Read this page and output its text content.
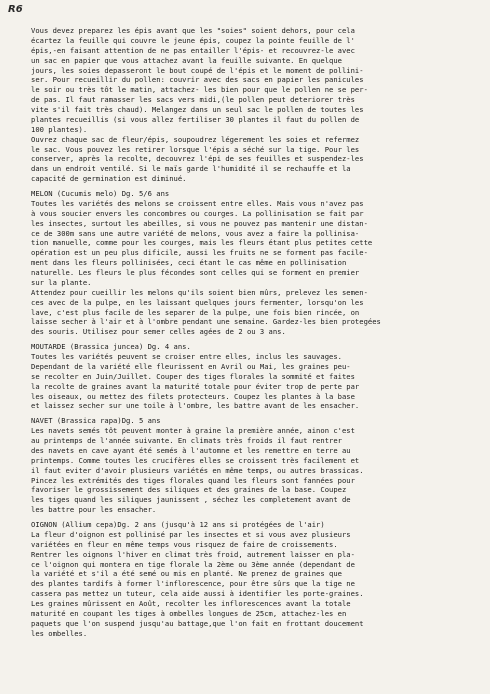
R6
Vous devez preparez les épis avant que les "soies" soient dehors, pour cela
écartez la feuille qui couvre le jeune épis, coupez la pointe feuille de l'
épis,-en faisant attention de ne pas entailler l'épis- et recouvrez-le avec
un sac en papier que vous attachez avant la feuille suivante. En quelque
jours, les soies depasseront le bout coupé de l'épis et le moment de pollini-
ser. Pour recueillir du pollen: couvrir avec des sacs en papier les panicules
le soir ou très tôt le matin, attachez- les bien pour que le pollen ne se per-
de pas. Il faut ramasser les sacs vers midi,(le pollen peut deteriorer très
vite s'il fait très chaud). Melangez dans un seul sac le pollen de toutes les
plantes recueillis (si vous allez fertiliser 30 plantes il faut du pollen de
100 plantes).
Ouvrez chaque sac de fleur/épis, soupoudrez légerement les soies et refermez
le sac. Vous pouvez les retirer lorsque l'épis a séché sur la tige. Pour les
conserver, après la recolte, decouvrez l'épi de ses feuilles et suspendez-les
dans un endroit ventilé. Si le maïs garde l'humidité il se rechauffe et la
capacité de germination est diminué.
MELON (Cucumis melo) Dg. 5/6 ans
Toutes les variétés des melons se croissent entre elles. Mais vous n'avez pas
à vous soucier envers les concombres ou courges. La pollinisation se fait par
les insectes, surtout les abeilles, si vous ne pouvez pas mantenir une distan-
ce de 300m sans une autre variété de melons, vous avez a faire la pollinisa-
tion manuelle, comme pour les courges, mais les fleurs étant plus petites cette
opération est un peu plus dificile, aussi les fruits ne se forment pas facile-
ment dans les fleurs pollinisées, ceci étant le cas même en pollinisation
naturelle. Les fleurs le plus fécondes sont celles qui se forment en premier
sur la plante.
Attendez pour cueillir les melons qu'ils soient bien mûrs, prelevez les semen-
ces avec de la pulpe, en les laissant quelques jours fermenter, lorsqu'on les
lave, c'est plus facile de les separer de la pulpe, une fois bien rincée, on
laisse secher à l'air et à l'ombre pendant une semaine. Gardez-les bien protegées
des souris. Utilisez pour semer celles agées de 2 ou 3 ans.
MOUTARDE (Brassica juncea) Dg. 4 ans.
Toutes les variétés peuvent se croiser entre elles, inclus les sauvages.
Dependant de la variété elle fleurissent en Avril ou Mai, les graines peu-
se recolter en Juin/Juillet. Couper des tiges florales la sommité et faites
la recolte de graines avant la maturité totale pour éviter trop de perte par
les oiseaux, ou mettez des filets protecteurs. Coupez les plantes à la base
et laissez secher sur une toile à l'ombre, les battre avant de les ensacher.
NAVET (Brassica rapa)Dg. 5 ans
Les navets semés tôt peuvent monter à graine la première année, ainon c'est
au printemps de l'année suivante. En climats très froids il faut rentrer
des navets en cave ayant été semés à l'automne et les remettre en terre au
printemps. Comme toutes les crucifères elles se croissent très facilement et
il faut eviter d'avoir plusieurs variétés en même temps, ou autres brassicas.
Pincez les extrémités des tiges florales quand les fleurs sont fannées pour
favoriser le grossissement des siliques et des graines de la base. Coupez
les tiges quand les siliques jaunissent , séchez les completement avant de
les battre pour les ensacher.
OIGNON (Allium cepa)Dg. 2 ans (jusqu'à 12 ans si protégées de l'air)
La fleur d'oignon est pollinisé par les insectes et si vous avez plusieurs
variétées en fleur en même temps vous risquez de faire de croissements.
Rentrer les oignons l'hiver en climat très froid, autrement laisser en pla-
ce l'oignon qui montera en tige florale la 2ème ou 3ème année (dependant de
la variété et s'il a été semé ou mis en planté. Ne prenez de graines que
des plantes tardifs à former l'inflorescence, pour être sûrs que la tige ne
cassera pas mettez un tuteur, cela aide aussi à identifier les porte-graines.
Les graines mûrissent en Août, recolter les inflorescences avant la totale
maturité en coupant les tiges à ombelles longues de 25cm, attachez-les en
paquets que l'on suspend jusqu'au battage,que l'on fait en frottant doucement
les ombelles.
